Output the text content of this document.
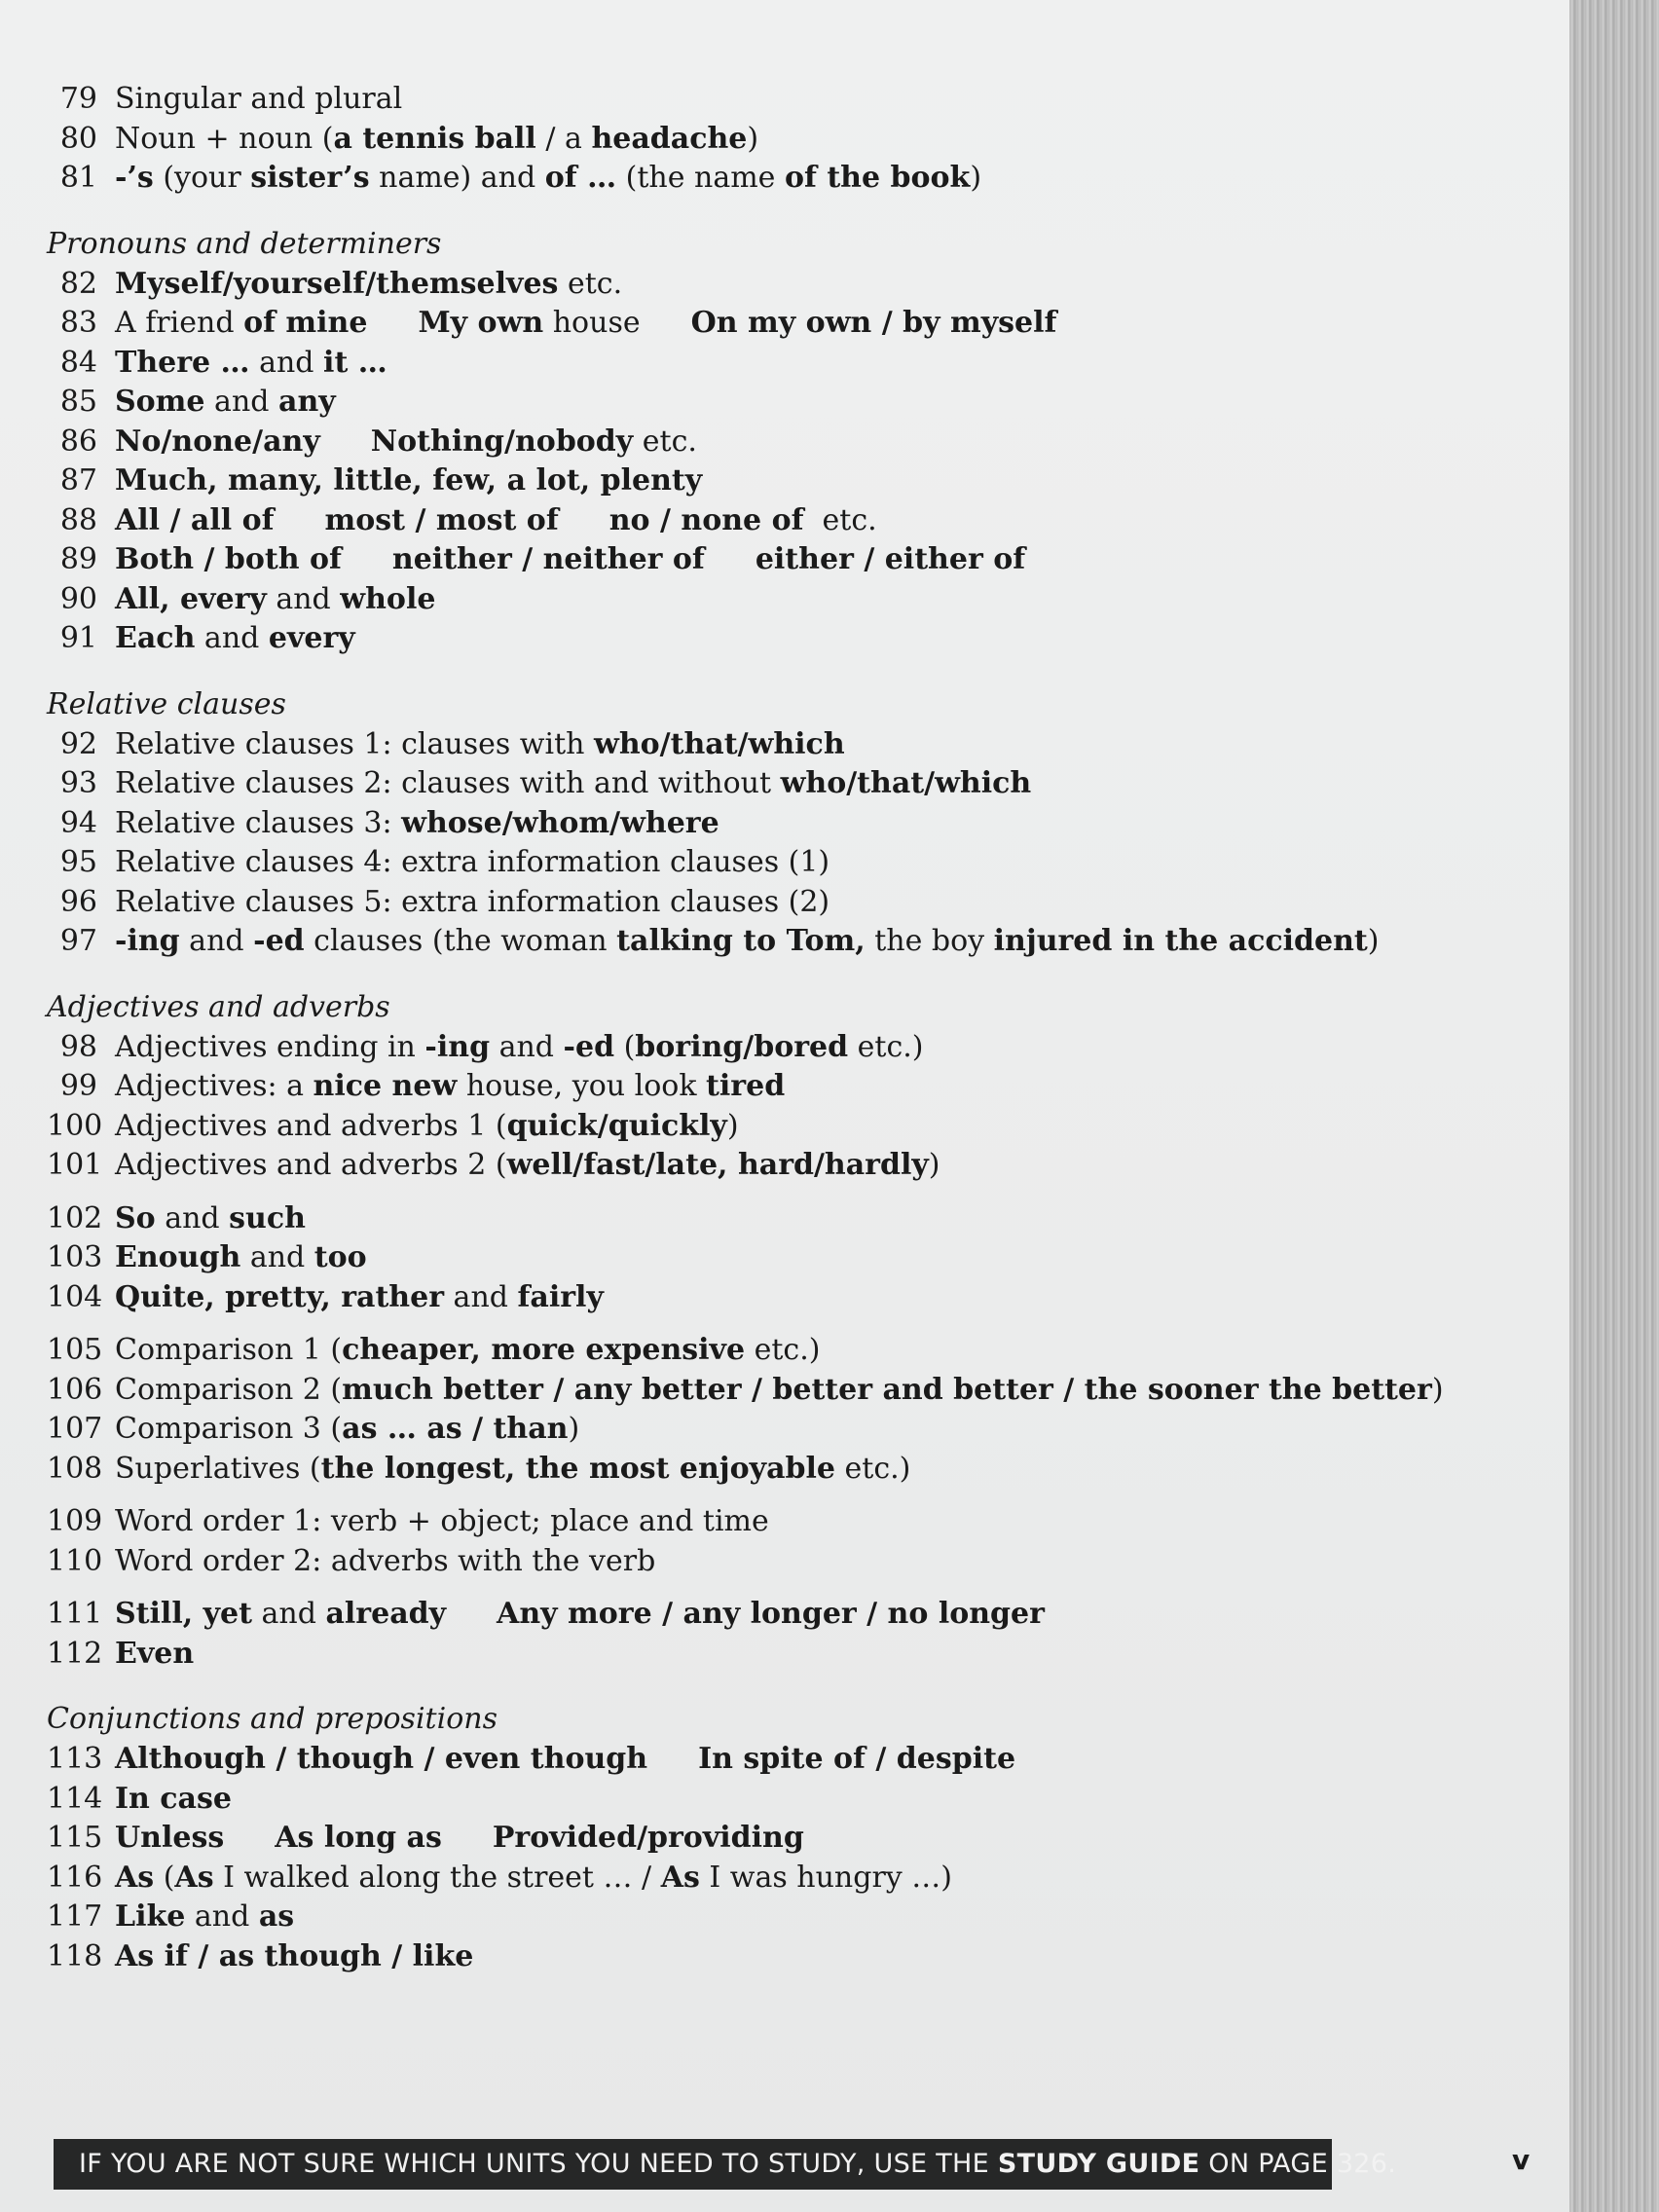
79 Singular and plural
80 Noun + noun (a tennis ball / a headache)
81 -’s (your sister’s name) and of … (the name of the book)
Pronouns and determiners
82 Myself/yourself/themselves etc.
83 A friend of mine My own house On my own / by myself
84 There … and it …
85 Some and any
86 No/none/any Nothing/nobody etc.
87 Much, many, little, few, a lot, plenty
88 All / all of most / most of no / none of  etc.
89 Both / both of neither / neither of either / either of
90 All, every and whole
91 Each and every
Relative clauses
92 Relative clauses 1: clauses with who/that/which
93 Relative clauses 2: clauses with and without who/that/which
94 Relative clauses 3: whose/whom/where
95 Relative clauses 4: extra information clauses (1)
96 Relative clauses 5: extra information clauses (2)
97 -ing and -ed clauses (the woman talking to Tom, the boy injured in the accident)
Adjectives and adverbs
98 Adjectives ending in -ing and -ed (boring/bored etc.)
99 Adjectives: a nice new house, you look tired
100 Adjectives and adverbs 1 (quick/quickly)
101 Adjectives and adverbs 2 (well/fast/late, hard/hardly)
102 So and such
103 Enough and too
104 Quite, pretty, rather and fairly
105 Comparison 1 (cheaper, more expensive etc.)
106 Comparison 2 (much better / any better / better and better / the sooner the better)
107 Comparison 3 (as … as / than)
108 Superlatives (the longest, the most enjoyable etc.)
109 Word order 1: verb + object; place and time
110 Word order 2: adverbs with the verb
111 Still, yet and already Any more / any longer / no longer
112 Even
Conjunctions and prepositions
113 Although / though / even though In spite of / despite
114 In case
115 Unless As long as Provided/providing
116 As (As I walked along the street … / As I was hungry …)
117 Like and as
118 As if / as though / like
IF YOU ARE NOT SURE WHICH UNITS YOU NEED TO STUDY, USE THE STUDY GUIDE ON PAGE 326.	v
